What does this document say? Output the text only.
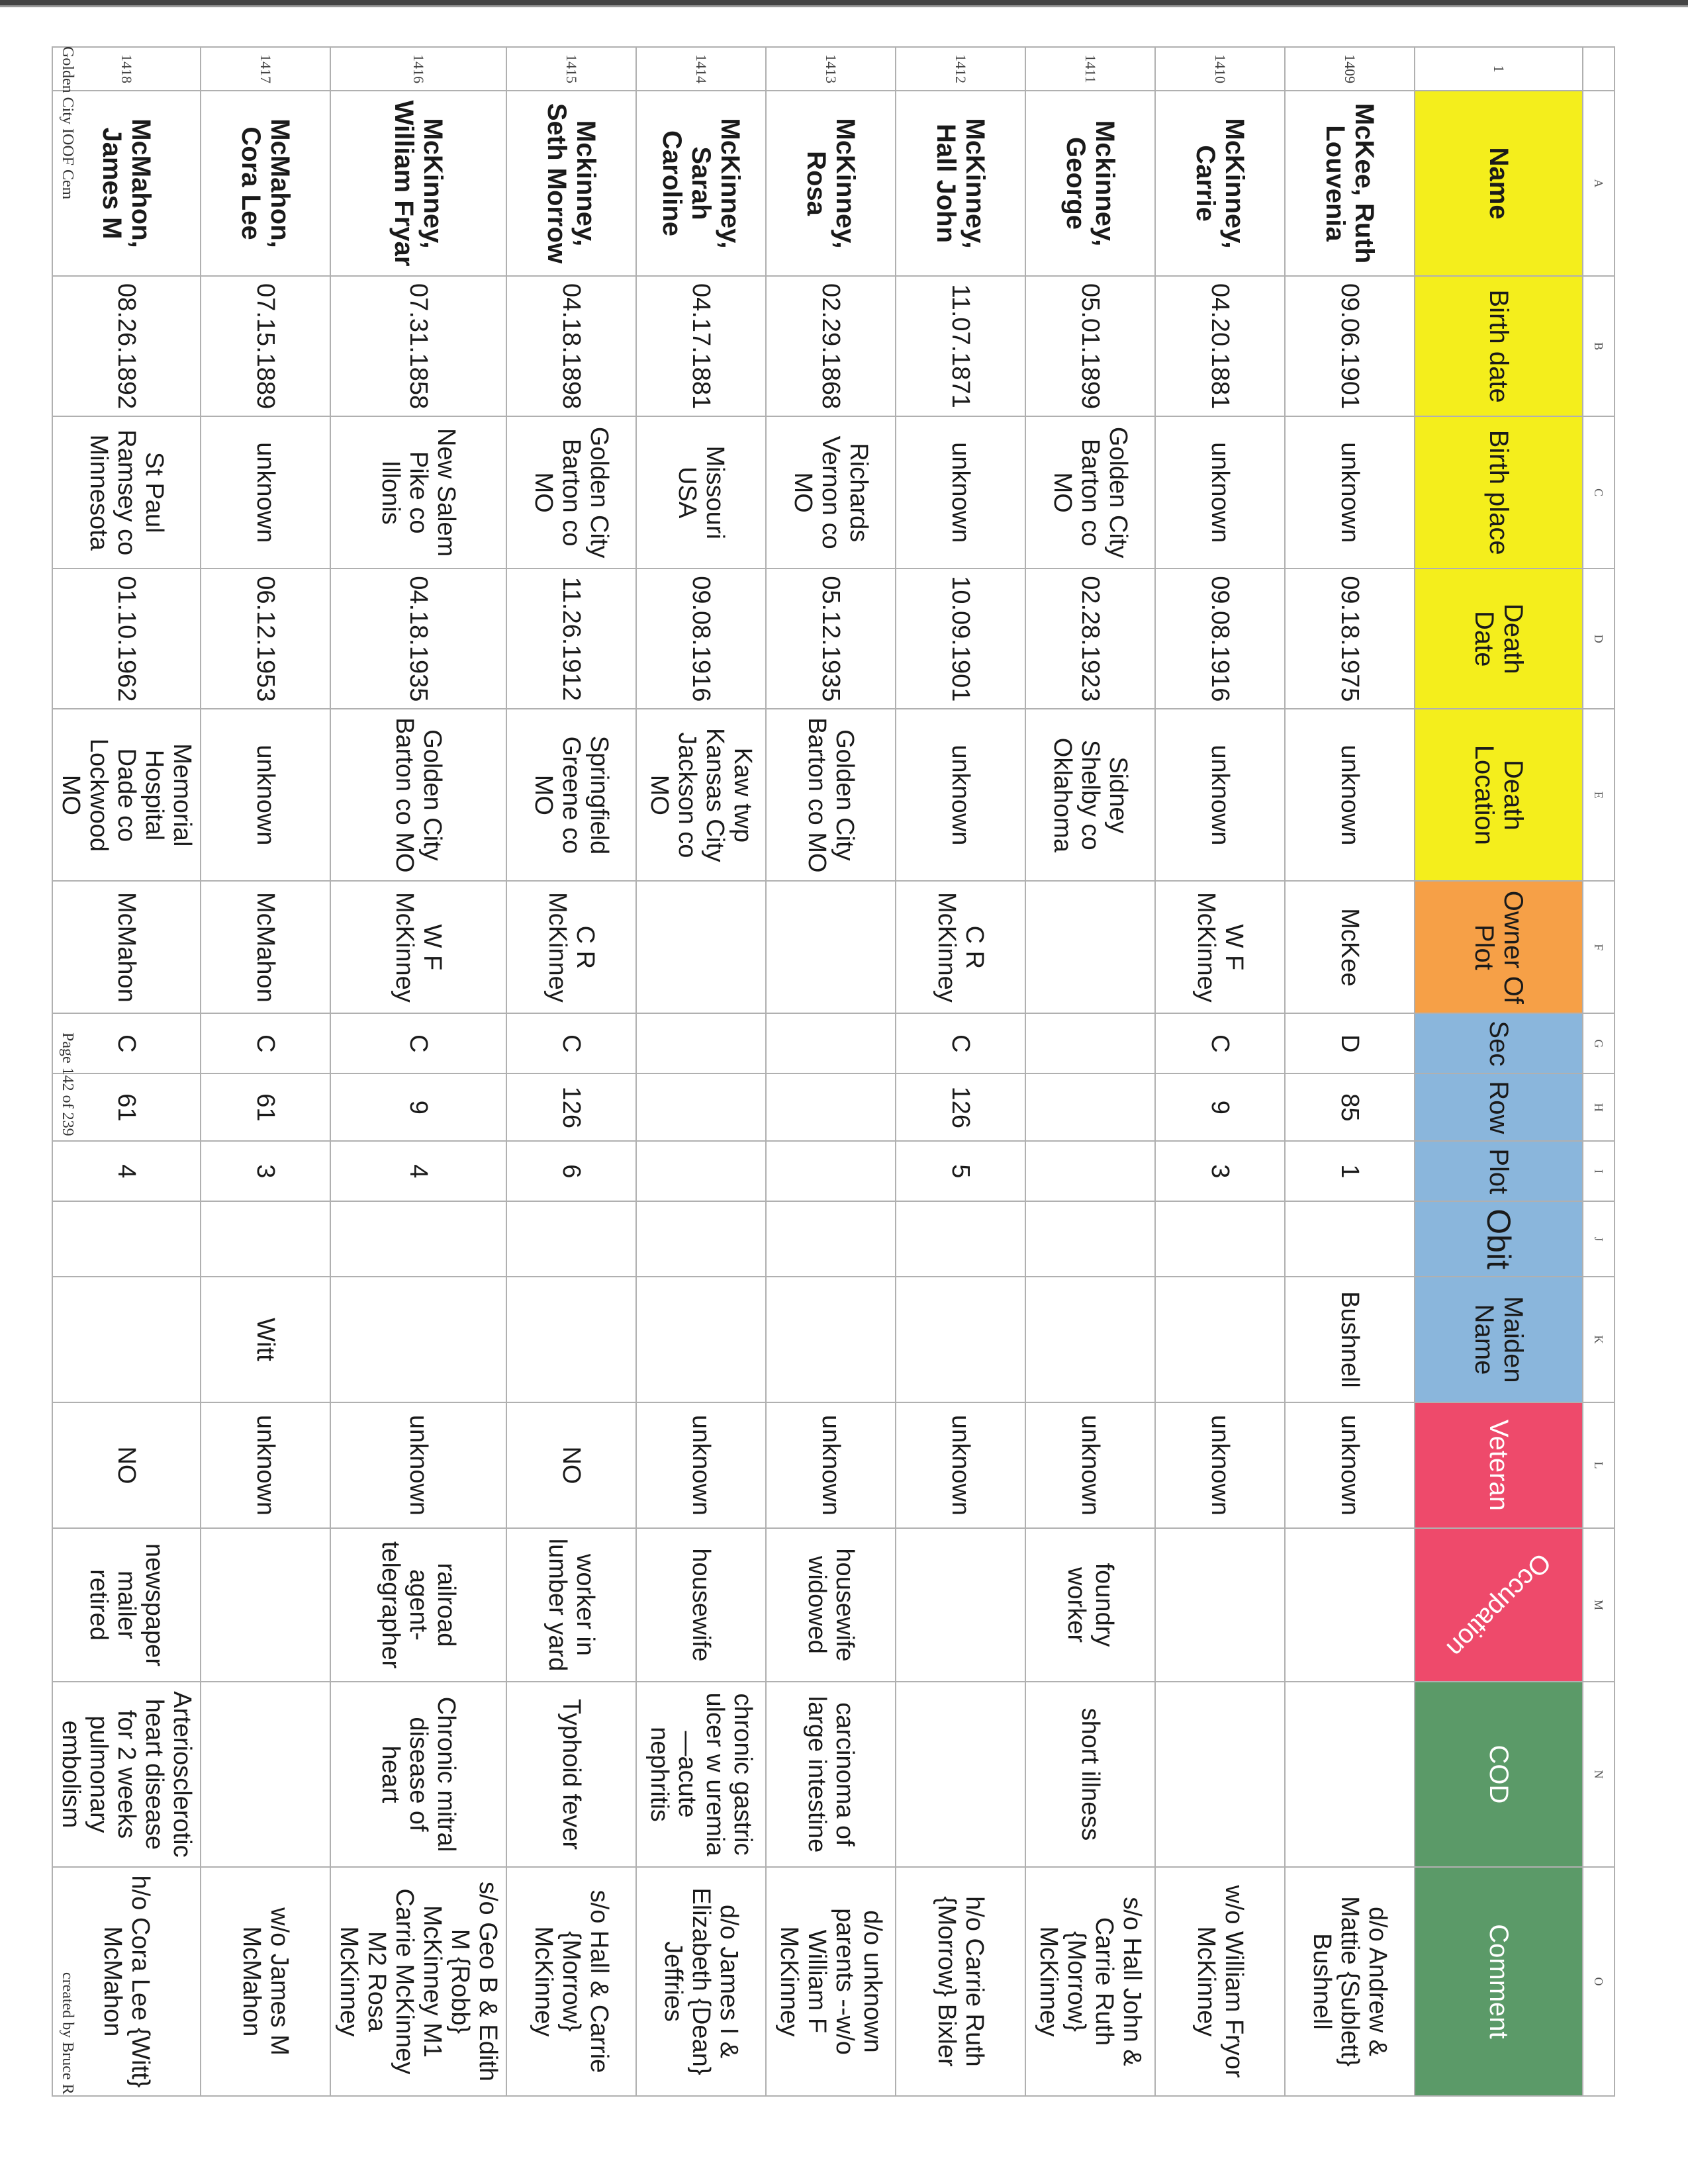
	A	B	C	D	E	F	G	H	I	J	K	L	M	N	O
1	Name	Birth date	Birth place	Death Date	Death Location	Owner Of Plot	Sec	Row	Plot	Obit	Maiden Name	Veteran	Occupation	COD	Comment
1409	McKee, Ruth Louvenia	09.06.1901	unknown	09.18.1975	unknown	McKee	D	85	1		Bushnell	unknown			d/o Andrew & Mattie {Sublett} Bushnell
1410	McKinney, Carrie	04.20.1881	unknown	09.08.1916	unknown	W F McKinney	C	9	3			unknown			w/o William Fryor McKinney
1411	Mckinney, George	05.01.1899	Golden City Barton co MO	02.28.1923	Sidney Shelby co Oklahoma							unknown	foundry worker	short illness	s/o Hall John & Carrie Ruth {Morrow} McKinney
1412	McKinney, Hall John	11.07.1871	unknown	10.09.1901	unknown	C R McKinney	C	126	5			unknown			h/o Carrie Ruth {Morrow} Bixler
1413	McKinney, Rosa	02.29.1868	Richards Vernon co MO	05.12.1935	Golden City Barton co MO							unknown	housewife widowed	carcinoma of large intestine	d/o unknown parents --w/o William F McKinney
1414	McKinney, Sarah Caroline	04.17.1881	Missouri USA	09.08.1916	Kaw twp Kansas City Jackson co MO							unknown	housewife	chronic gastric ulcer w uremia—acute nephritis	d/o James I & Elizabeth {Dean} Jeffries
1415	Mckinney, Seth Morrow	04.18.1898	Golden City Barton co MO	11.26.1912	Springfield Greene co MO	C R McKinney	C	126	6			NO	worker in lumber yard	Typhoid fever	s/o Hall & Carrie {Morrow} McKinney
1416	McKinney, William Fryar	07.31.1858	New Salem Pike co Illonis	04.18.1935	Golden City Barton co MO	W F McKinney	C	9	4			unknown	railroad agent-telegrapher	Chronic mitral disease of heart	s/o Geo B & Edith M {Robb} McKinney M1 Carrie McKinney M2 Rosa McKinney
1417	McMahon, Cora Lee	07.15.1889	unknown	06.12.1953	unknown	McMahon	C	61	3		Witt	unknown			w/o James M McMahon
1418	McMahon, James M	08.26.1892	St Paul Ramsey co Minnesota	01.10.1962	Memorial Hospital Dade co Lockwood MO	McMahon	C	61	4			NO	newspaper mailer retired	Arteriosclerotic heart disease for 2 weeks pulmonary embolism	h/o Cora Lee {Witt} McMahon
Golden City IOOF Cem
Page 142 of 239
created by Bruce R
